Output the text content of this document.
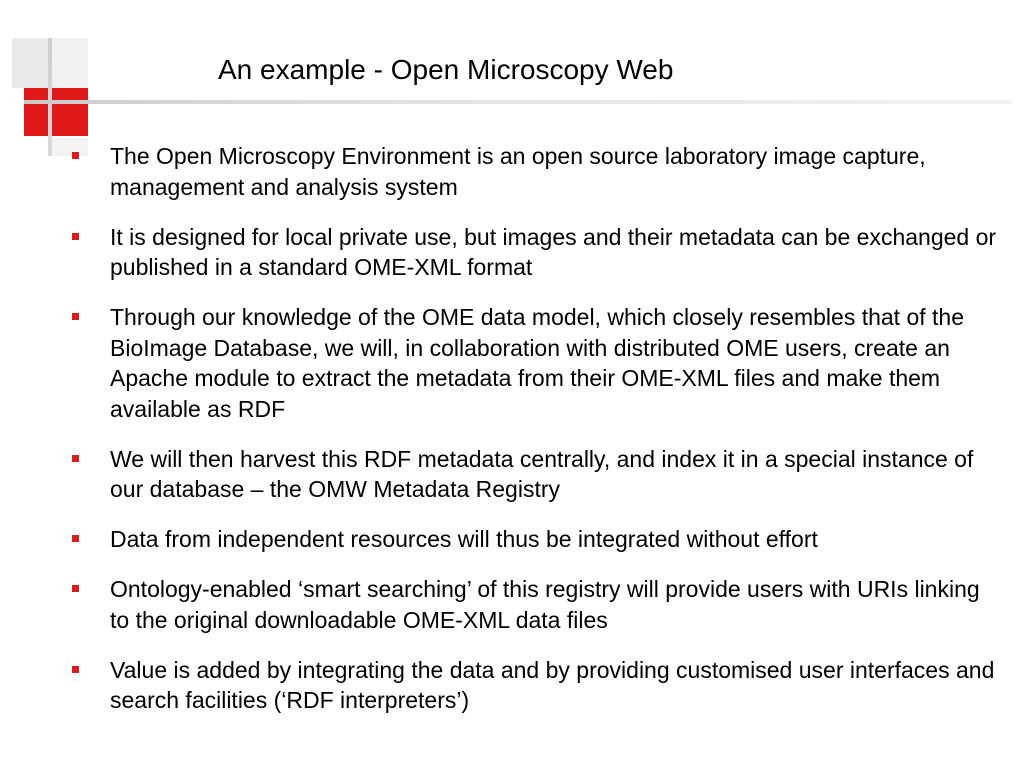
An example - Open Microscopy Web
The Open Microscopy Environment is an open source laboratory image capture, management and analysis system
It is designed for local private use, but images and their metadata can be exchanged or published in a standard OME-XML format
Through our knowledge of the OME data model, which closely resembles that of the BioImage Database, we will, in collaboration with distributed OME users, create an Apache module to extract the metadata from their OME-XML files and make them available as RDF
We will then harvest this RDF metadata centrally, and index it in a special instance of our database – the OMW Metadata Registry
Data from independent resources will thus be integrated without effort
Ontology-enabled ‘smart searching’ of this registry will provide users with URIs linking to the original downloadable OME-XML data files
Value is added by integrating the data and by providing customised user interfaces and search facilities (‘RDF interpreters’)
